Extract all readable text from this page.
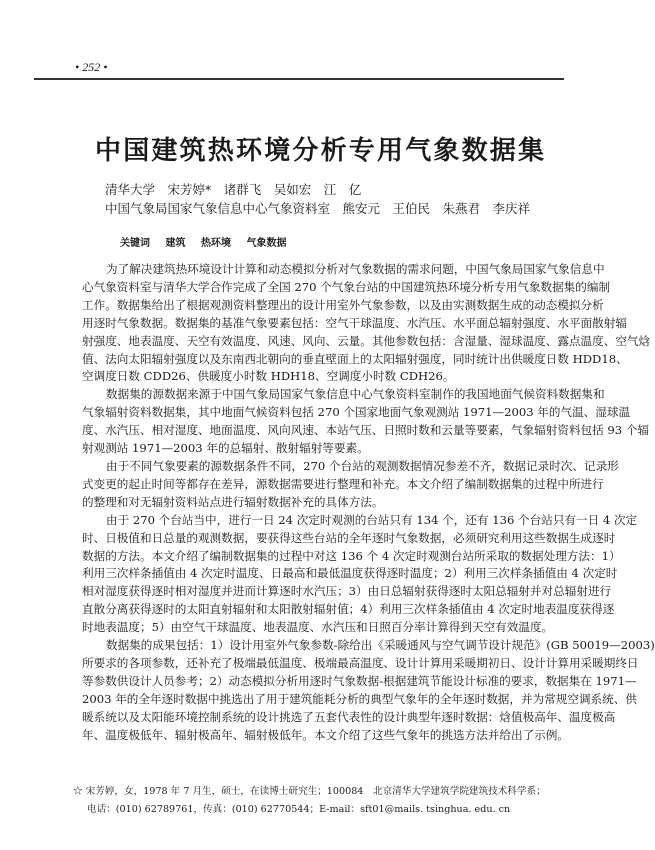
• 252 •
中国建筑热环境分析专用气象数据集
清华大学　宋芳婷*　诸群飞　吴如宏　江　亿
中国气象局国家气象信息中心气象资料室　熊安元　王伯民　朱燕君　李庆祥
关键词 建筑 热环境 气象数据
为了解决建筑热环境设计计算和动态模拟分析对气象数据的需求问题，中国气象局国家气象信息中
心气象资料室与清华大学合作完成了全国 270 个气象台站的中国建筑热环境分析专用气象数据集的编制
工作。数据集给出了根据观测资料整理出的设计用室外气象参数，以及由实测数据生成的动态模拟分析
用逐时气象数据。数据集的基准气象要素包括：空气干球温度、水汽压、水平面总辐射强度、水平面散射辐
射强度、地表温度、天空有效温度、风速、风向、云量。其他参数包括：含湿量、湿球温度、露点温度、空气焓
值、法向太阳辐射强度以及东南西北朝向的垂直壁面上的太阳辐射强度，同时统计出供暖度日数 HDD18、
空调度日数 CDD26、供暖度小时数 HDH18、空调度小时数 CDH26。
数据集的源数据来源于中国气象局国家气象信息中心气象资料室制作的我国地面气候资料数据集和
气象辐射资料数据集，其中地面气候资料包括 270 个国家地面气象观测站 1971—2003 年的气温、湿球温
度、水汽压、相对湿度、地面温度、风向风速、本站气压、日照时数和云量等要素，气象辐射资料包括 93 个辐
射观测站 1971—2003 年的总辐射、散射辐射等要素。
由于不同气象要素的源数据条件不同，270 个台站的观测数据情况参差不齐，数据记录时次、记录形
式变更的起止时间等都存在差异，源数据需要进行整理和补充。本文介绍了编制数据集的过程中所进行
的整理和对无辐射资料站点进行辐射数据补充的具体方法。
由于 270 个台站当中，进行一日 24 次定时观测的台站只有 134 个，还有 136 个台站只有一日 4 次定
时、日极值和日总量的观测数据，要获得这些台站的全年逐时气象数据，必须研究利用这些数据生成逐时
数据的方法。本文介绍了编制数据集的过程中对这 136 个 4 次定时观测台站所采取的数据处理方法：1）
利用三次样条插值由 4 次定时温度、日最高和最低温度获得逐时温度；2）利用三次样条插值由 4 次定时
相对湿度获得逐时相对湿度并进而计算逐时水汽压；3）由日总辐射获得逐时太阳总辐射并对总辐射进行
直散分离获得逐时的太阳直射辐射和太阳散射辐射值；4）利用三次样条插值由 4 次定时地表温度获得逐
时地表温度；5）由空气干球温度、地表温度、水汽压和日照百分率计算得到天空有效温度。
数据集的成果包括：1）设计用室外气象参数-除给出《采暖通风与空气调节设计规范》(GB 50019—2003)
所要求的各项参数，还补充了极端最低温度、极端最高温度、设计计算用采暖期初日、设计计算用采暖期终日
等参数供设计人员参考；2）动态模拟分析用逐时气象数据-根据建筑节能设计标准的要求，数据集在 1971—
2003 年的全年逐时数据中挑选出了用于建筑能耗分析的典型气象年的全年逐时数据，并为常规空调系统、供
暖系统以及太阳能环境控制系统的设计挑选了五套代表性的设计典型年逐时数据：焓值极高年、温度极高
年、温度极低年、辐射极高年、辐射极低年。本文介绍了这些气象年的挑选方法并给出了示例。
☆ 宋芳婷，女，1978 年 7 月生，硕士，在读博士研究生；100084　北京清华大学建筑学院建筑技术科学系；
电话：(010) 62789761，传真：(010) 62770544；E-mail：sft01@mails. tsinghua. edu. cn
